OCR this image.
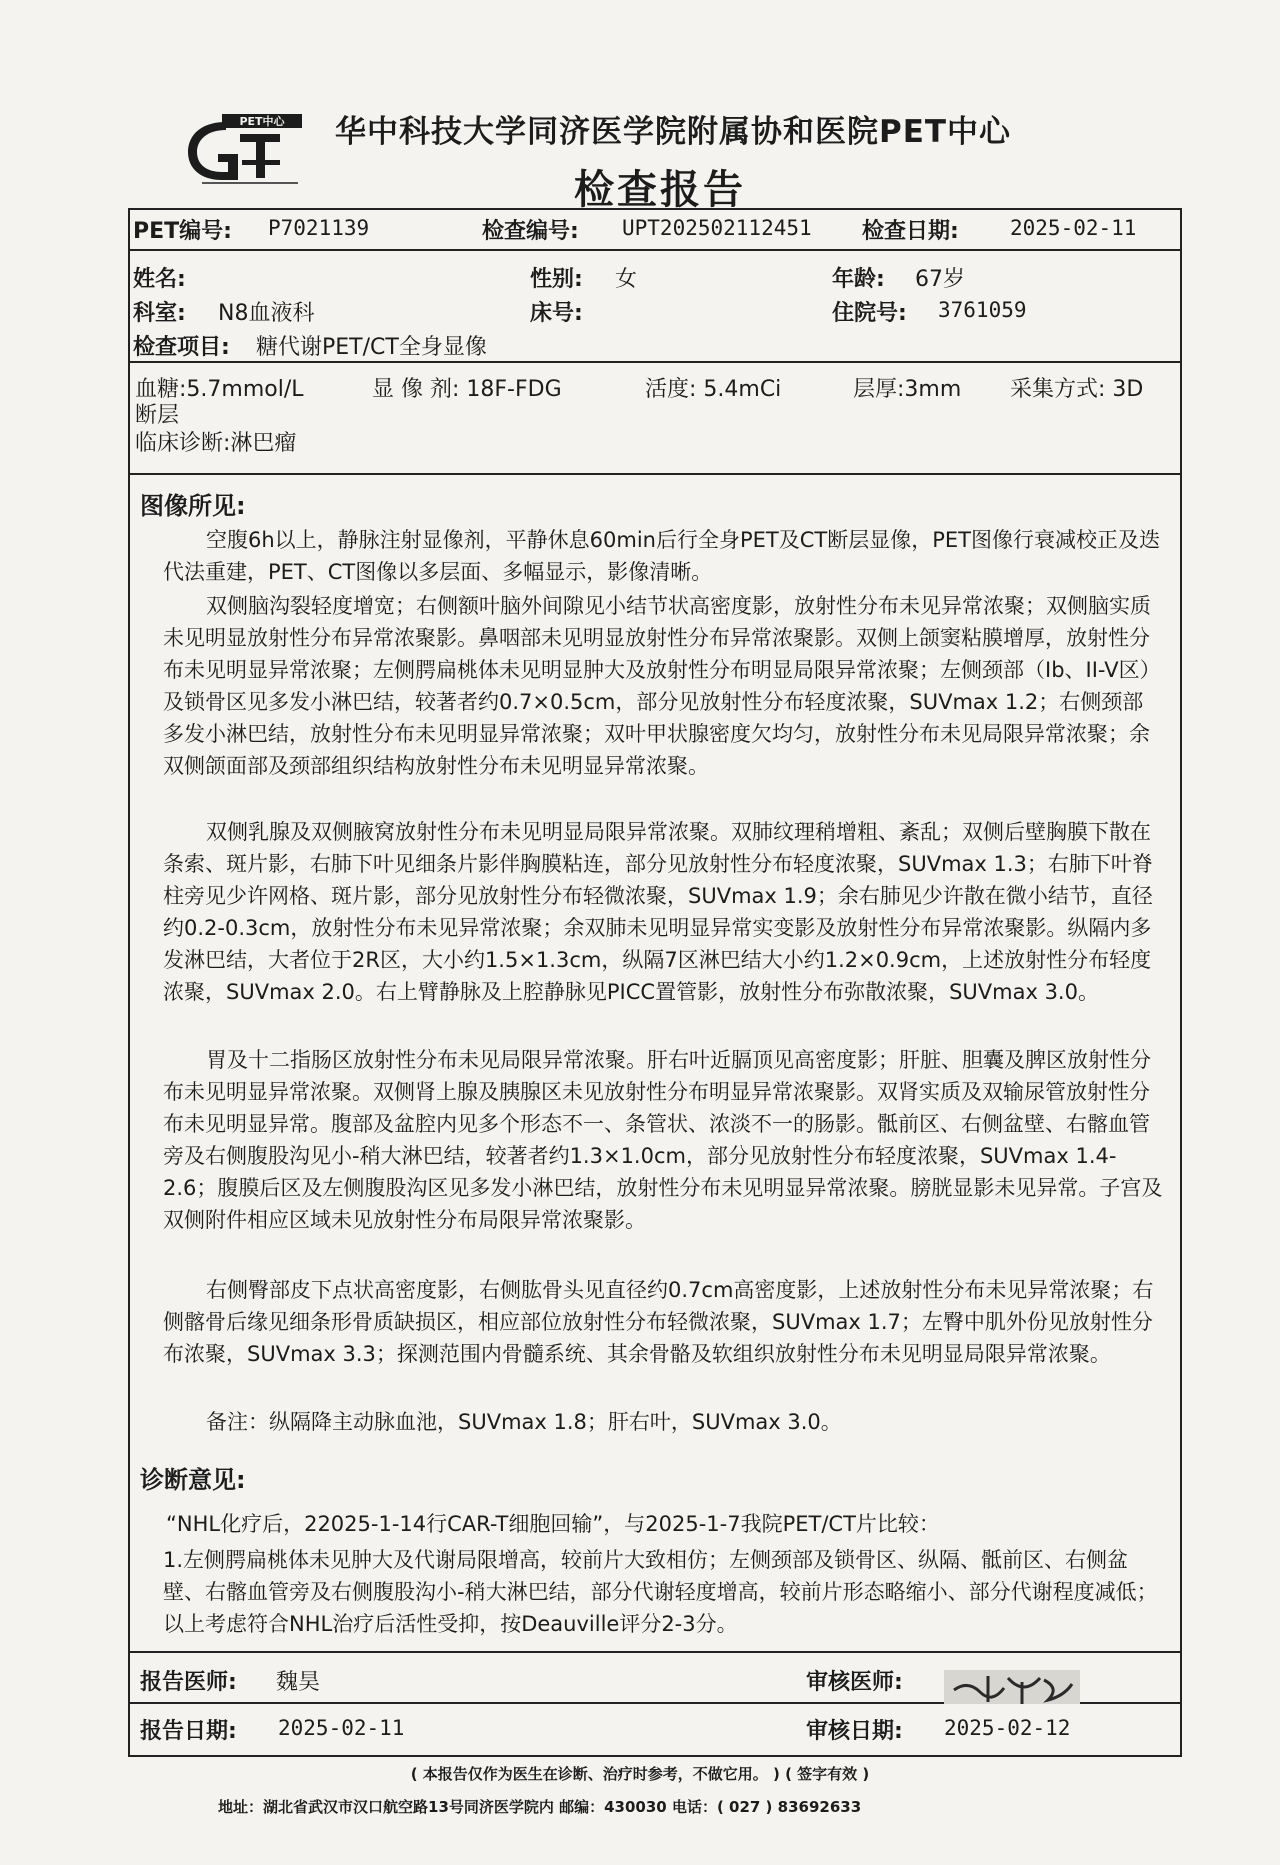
PET中心 华中科技大学同济医学院附属协和医院PET中心
检查报告
PET编号: P7021139	检查编号: UPT202502112451 检查日期: 2025-02-11
姓名:	性别: 女	年龄: 67岁
科室: N8血液科	床号:	住院号: 3761059
检查项目: 糖代谢PET/CT全身显像
血糖:5.7mmol/L	显 像 剂: 18F-FDG	活度: 5.4mCi	层厚:3mm 采集方式: 3D
断层
临床诊断:淋巴瘤
图像所见:
空腹6h以上，静脉注射显像剂，平静休息60min后行全身PET及CT断层显像，PET图像行衰减校正及迭代法重建，PET、CT图像以多层面、多幅显示，影像清晰。
双侧脑沟裂轻度增宽；右侧额叶脑外间隙见小结节状高密度影，放射性分布未见异常浓聚；双侧脑实质未见明显放射性分布异常浓聚影。鼻咽部未见明显放射性分布异常浓聚影。双侧上颌窦粘膜增厚，放射性分布未见明显异常浓聚；左侧腭扁桃体未见明显肿大及放射性分布明显局限异常浓聚；左侧颈部（Ib、II-V区）及锁骨区见多发小淋巴结，较著者约0.7×0.5cm，部分见放射性分布轻度浓聚，SUVmax 1.2；右侧颈部多发小淋巴结，放射性分布未见明显异常浓聚；双叶甲状腺密度欠均匀，放射性分布未见局限异常浓聚；余双侧颌面部及颈部组织结构放射性分布未见明显异常浓聚。
双侧乳腺及双侧腋窝放射性分布未见明显局限异常浓聚。双肺纹理稍增粗、紊乱；双侧后壁胸膜下散在条索、斑片影，右肺下叶见细条片影伴胸膜粘连，部分见放射性分布轻度浓聚，SUVmax 1.3；右肺下叶脊柱旁见少许网格、斑片影，部分见放射性分布轻微浓聚，SUVmax 1.9；余右肺见少许散在微小结节，直径约0.2-0.3cm，放射性分布未见异常浓聚；余双肺未见明显异常实变影及放射性分布异常浓聚影。纵隔内多发淋巴结，大者位于2R区，大小约1.5×1.3cm，纵隔7区淋巴结大小约1.2×0.9cm，上述放射性分布轻度浓聚，SUVmax 2.0。右上臂静脉及上腔静脉见PICC置管影，放射性分布弥散浓聚，SUVmax 3.0。
胃及十二指肠区放射性分布未见局限异常浓聚。肝右叶近膈顶见高密度影；肝脏、胆囊及脾区放射性分布未见明显异常浓聚。双侧肾上腺及胰腺区未见放射性分布明显异常浓聚影。双肾实质及双输尿管放射性分布未见明显异常。腹部及盆腔内见多个形态不一、条管状、浓淡不一的肠影。骶前区、右侧盆壁、右髂血管旁及右侧腹股沟见小-稍大淋巴结，较著者约1.3×1.0cm，部分见放射性分布轻度浓聚，SUVmax 1.4-2.6；腹膜后区及左侧腹股沟区见多发小淋巴结，放射性分布未见明显异常浓聚。膀胱显影未见异常。子宫及双侧附件相应区域未见放射性分布局限异常浓聚影。
右侧臀部皮下点状高密度影，右侧肱骨头见直径约0.7cm高密度影，上述放射性分布未见异常浓聚；右侧髂骨后缘见细条形骨质缺损区，相应部位放射性分布轻微浓聚，SUVmax 1.7；左臀中肌外份见放射性分布浓聚，SUVmax 3.3；探测范围内骨髓系统、其余骨骼及软组织放射性分布未见明显局限异常浓聚。
备注：纵隔降主动脉血池，SUVmax 1.8；肝右叶，SUVmax 3.0。
诊断意见:
“NHL化疗后，22025-1-14行CAR-T细胞回输”，与2025-1-7我院PET/CT片比较：
1.左侧腭扁桃体未见肿大及代谢局限增高，较前片大致相仿；左侧颈部及锁骨区、纵隔、骶前区、右侧盆壁、右髂血管旁及右侧腹股沟小-稍大淋巴结，部分代谢轻度增高，较前片形态略缩小、部分代谢程度减低；以上考虑符合NHL治疗后活性受抑，按Deauville评分2-3分。
报告医师: 魏昊	审核医师:
报告日期: 2025-02-11	审核日期: 2025-02-12
( 本报告仅作为医生在诊断、治疗时参考，不做它用。 ) ( 签字有效 )
地址：湖北省武汉市汉口航空路13号同济医学院内 邮编：430030 电话：( 027 ) 83692633
